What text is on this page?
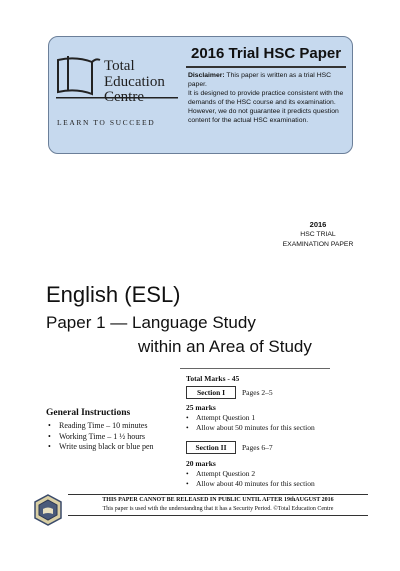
Total
Education
Centre
LEARN TO SUCCEED
2016 Trial HSC Paper
Disclaimer: This paper is written as a trial HSC paper.
It is designed to provide practice consistent with the
demands of the HSC course and its examination.
However, we do not guarantee it predicts question
content for the actual HSC examination.
2016
HSC TRIAL
EXAMINATION PAPER
English (ESL)
Paper 1 — Language Study
within an Area of Study
General Instructions
• Reading Time – 10 minutes
• Working Time – 1 ½ hours
• Write using black or blue pen
Total Marks - 45
Section I	Pages 2–5
25 marks
• Attempt Question 1
• Allow about 50 minutes for this section
Section II	Pages 6–7
20 marks
• Attempt Question 2
• Allow about 40 minutes for this section
THIS PAPER CANNOT BE RELEASED IN PUBLIC UNTIL AFTER 19thAUGUST 2016
This paper is used with the understanding that it has a Security Period. ©Total Education Centre
